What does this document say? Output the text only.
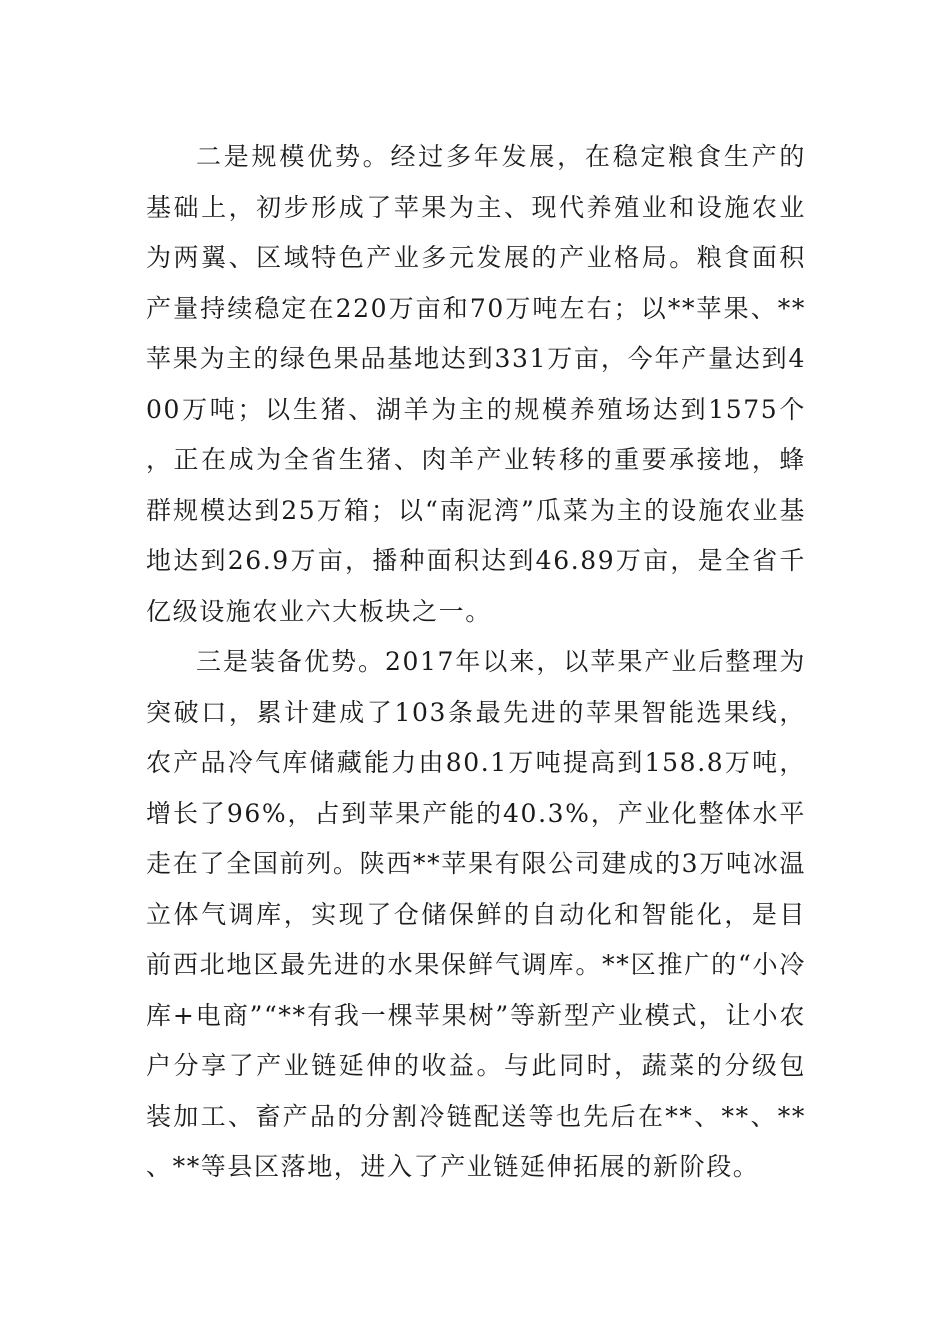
二是规模优势。经过多年发展，在稳定粮食生产的基础上，初步形成了苹果为主、现代养殖业和设施农业为两翼、区域特色产业多元发展的产业格局。粮食面积产量持续稳定在220万亩和70万吨左右；以**苹果、**苹果为主的绿色果品基地达到331万亩，今年产量达到400万吨；以生猪、湖羊为主的规模养殖场达到1575个，正在成为全省生猪、肉羊产业转移的重要承接地，蜂群规模达到25万箱；以“南泥湾”瓜菜为主的设施农业基地达到26.9万亩，播种面积达到46.89万亩，是全省千亿级设施农业六大板块之一。

三是装备优势。2017年以来，以苹果产业后整理为突破口，累计建成了103条最先进的苹果智能选果线，农产品冷气库储藏能力由80.1万吨提高到158.8万吨，增长了96%，占到苹果产能的40.3%，产业化整体水平走在了全国前列。陕西**苹果有限公司建成的3万吨冰温立体气调库，实现了仓储保鲜的自动化和智能化，是目前西北地区最先进的水果保鲜气调库。**区推广的“小冷库+电商”“**有我一棵苹果树”等新型产业模式，让小农户分享了产业链延伸的收益。与此同时，蔬菜的分级包装加工、畜产品的分割冷链配送等也先后在**、**、**、**等县区落地，进入了产业链延伸拓展的新阶段。
